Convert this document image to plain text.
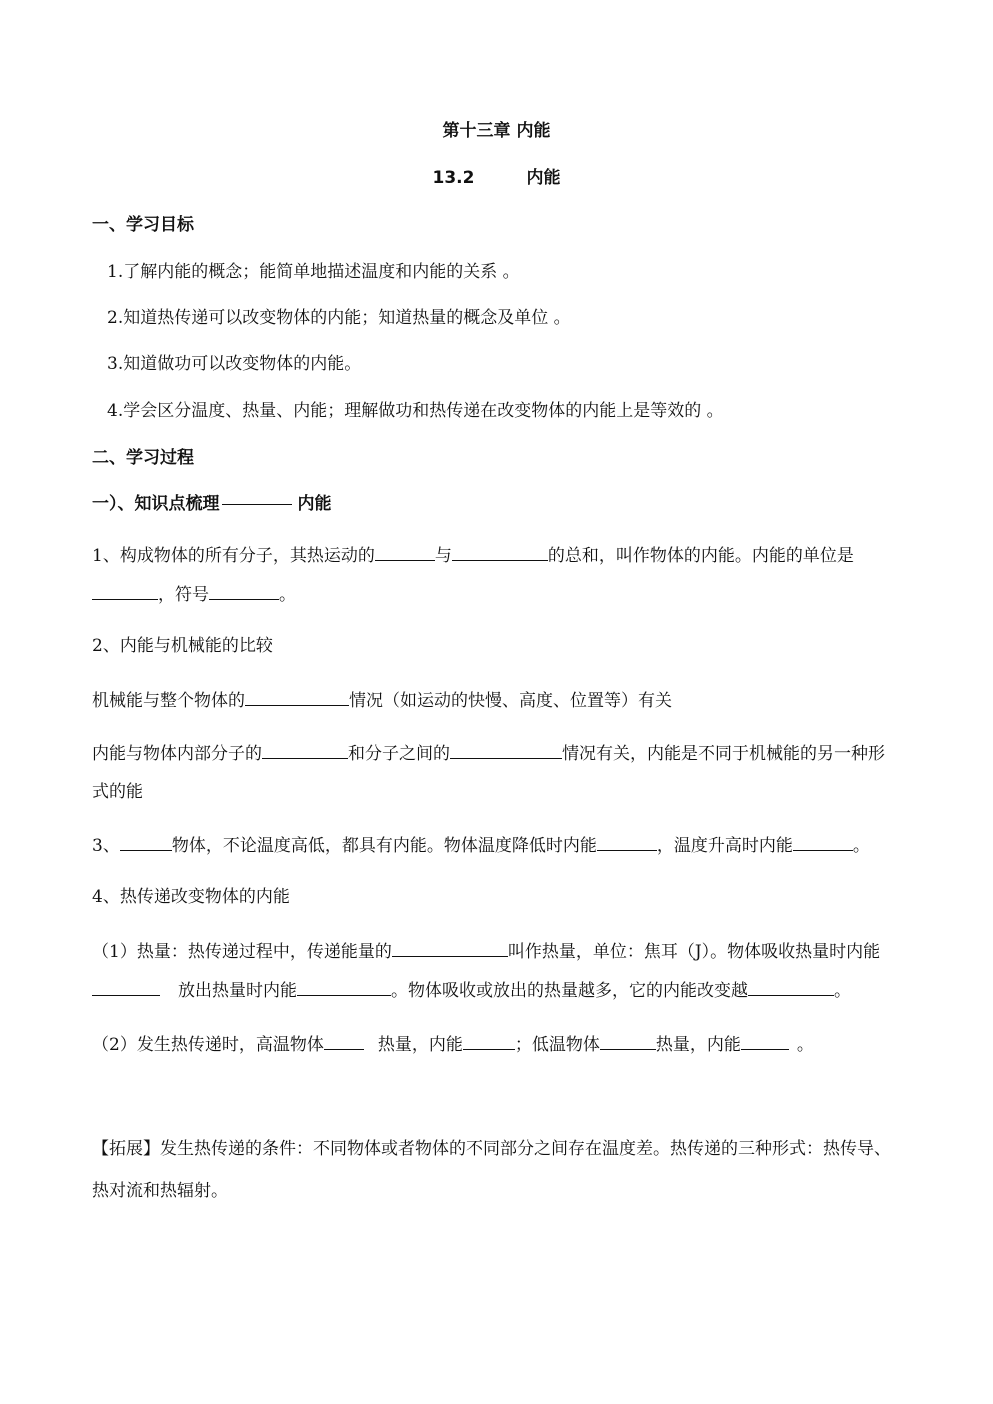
第十三章 内能
13.2	内能
一、学习目标
1.了解内能的概念；能简单地描述温度和内能的关系 。
2.知道热传递可以改变物体的内能；知道热量的概念及单位 。
3.知道做功可以改变物体的内能。
4.学会区分温度、热量、内能；理解做功和热传递在改变物体的内能上是等效的 。
二、学习过程
一）、知识点梳理	内能
1、构成物体的所有分子，其热运动的	与	的总和，叫作物体的内能。内能的单位是
，符号	。
2、内能与机械能的比较
机械能与整个物体的	情况（如运动的快慢、高度、位置等）有关
内能与物体内部分子的	和分子之间的	情况有关，内能是不同于机械能的另一种形
式的能
3、	物体，不论温度高低，都具有内能。物体温度降低时内能	，温度升高时内能	。
4、热传递改变物体的内能
（1）热量：热传递过程中，传递能量的	叫作热量，单位：焦耳（J）。物体吸收热量时内能
放出热量时内能	。物体吸收或放出的热量越多，它的内能改变越	。
（2）发生热传递时，高温物体	热量，内能	；低温物体	热量，内能	。
【拓展】发生热传递的条件：不同物体或者物体的不同部分之间存在温度差。热传递的三种形式：热传导、
热对流和热辐射。
